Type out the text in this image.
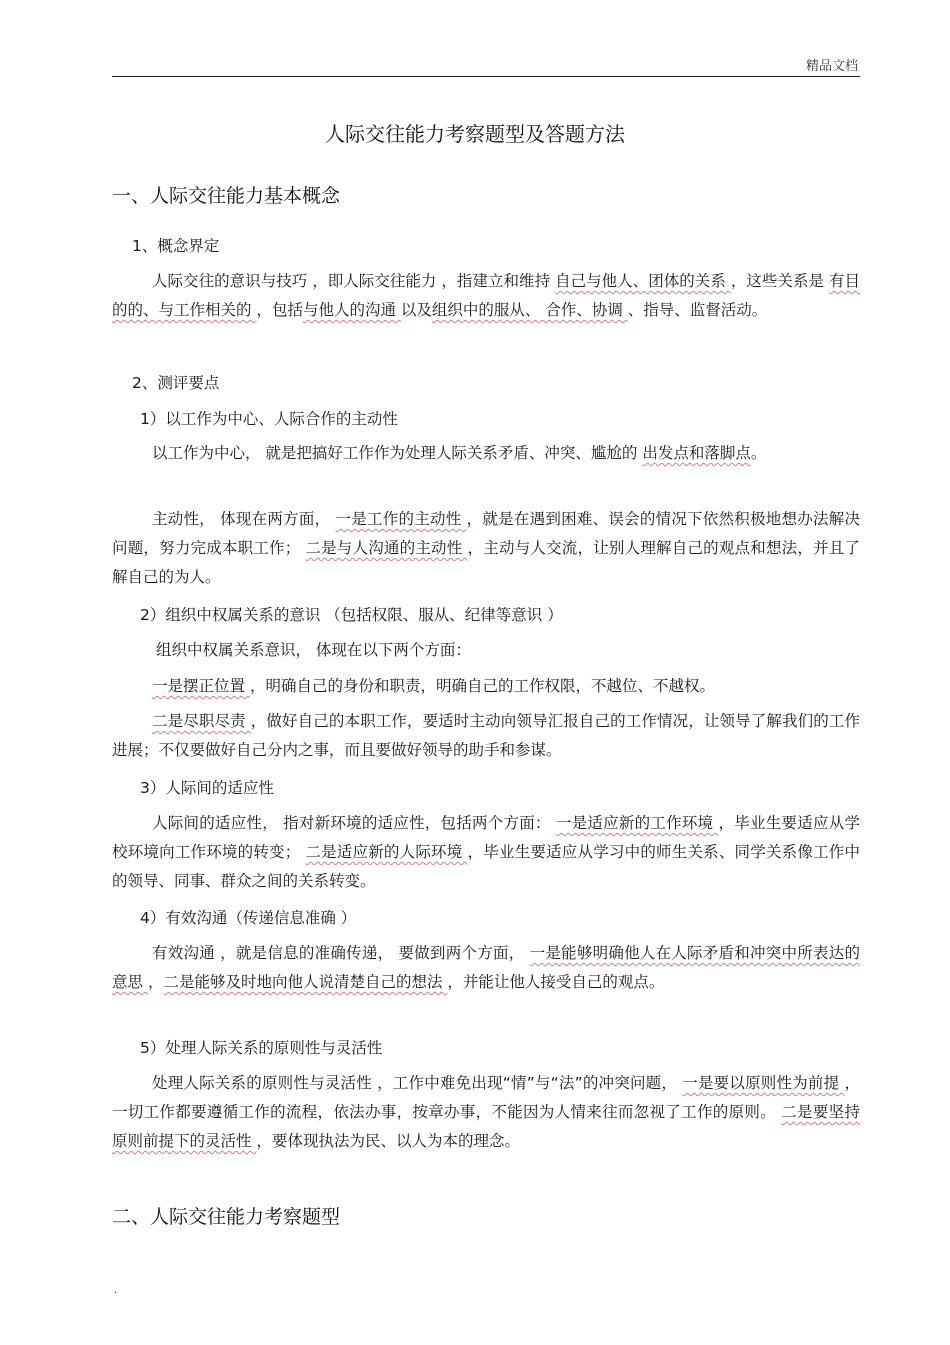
精品文档
人际交往能力考察题型及答题方法
一、人际交往能力基本概念
1、概念界定
人际交往的意识与技巧 ，即人际交往能力 ，指建立和维持 自己与他人、团体的关系 ，这些关系是 有目的的、与工作相关的 ，包括与他人的沟通 以及组织中的服从、 合作、协调 、指导、监督活动。
2、测评要点
1）以工作为中心、人际合作的主动性
以工作为中心， 就是把搞好工作作为处理人际关系矛盾、冲突、尴尬的 出发点和落脚点。
主动性， 体现在两方面， 一是工作的主动性 ，就是在遇到困难、误会的情况下依然积极地想办法解决问题，努力完成本职工作； 二是与人沟通的主动性 ，主动与人交流，让别人理解自己的观点和想法，并且了解自己的为人。
2）组织中权属关系的意识 （包括权限、服从、纪律等意识 ）
组织中权属关系意识， 体现在以下两个方面：
一是摆正位置 ，明确自己的身份和职责，明确自己的工作权限，不越位、不越权。
二是尽职尽责 ，做好自己的本职工作，要适时主动向领导汇报自己的工作情况，让领导了解我们的工作进展；不仅要做好自己分内之事，而且要做好领导的助手和参谋。
3）人际间的适应性
人际间的适应性， 指对新环境的适应性，包括两个方面： 一是适应新的工作环境 ，毕业生要适应从学校环境向工作环境的转变； 二是适应新的人际环境 ，毕业生要适应从学习中的师生关系、同学关系像工作中的领导、同事、群众之间的关系转变。
4）有效沟通（传递信息准确 ）
有效沟通 ，就是信息的准确传递， 要做到两个方面， 一是能够明确他人在人际矛盾和冲突中所表达的意思 ，二是能够及时地向他人说清楚自己的想法 ，并能让他人接受自己的观点。
5）处理人际关系的原则性与灵活性
处理人际关系的原则性与灵活性 ，工作中难免出现“情”与“法”的冲突问题， 一是要以原则性为前提 ，一切工作都要遵循工作的流程，依法办事，按章办事，不能因为人情来往而忽视了工作的原则。 二是要坚持原则前提下的灵活性 ，要体现执法为民、以人为本的理念。
二、人际交往能力考察题型
.
